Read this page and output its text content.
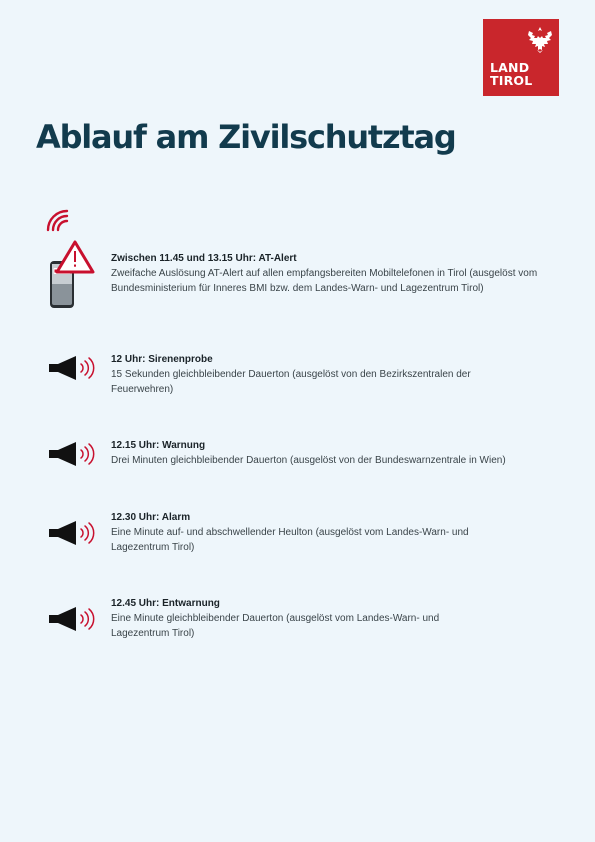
LAND
TIROL
Ablauf am Zivilschutztag
Zwischen 11.45 und 13.15 Uhr: AT-Alert
Zweifache Auslösung AT-Alert auf allen empfangsbereiten Mobiltelefonen in Tirol (ausgelöst vom Bundesministerium für Inneres BMI bzw. dem Landes-Warn- und Lagezentrum Tirol)
12 Uhr: Sirenenprobe
15 Sekunden gleichbleibender Dauerton (ausgelöst von den Bezirkszentralen der Feuerwehren)
12.15 Uhr: Warnung
Drei Minuten gleichbleibender Dauerton (ausgelöst von der Bundeswarnzentrale in Wien)
12.30 Uhr: Alarm
Eine Minute auf- und abschwellender Heulton (ausgelöst vom Landes-Warn- und Lagezentrum Tirol)
12.45 Uhr: Entwarnung
Eine Minute gleichbleibender Dauerton (ausgelöst vom Landes-Warn- und Lagezentrum Tirol)
